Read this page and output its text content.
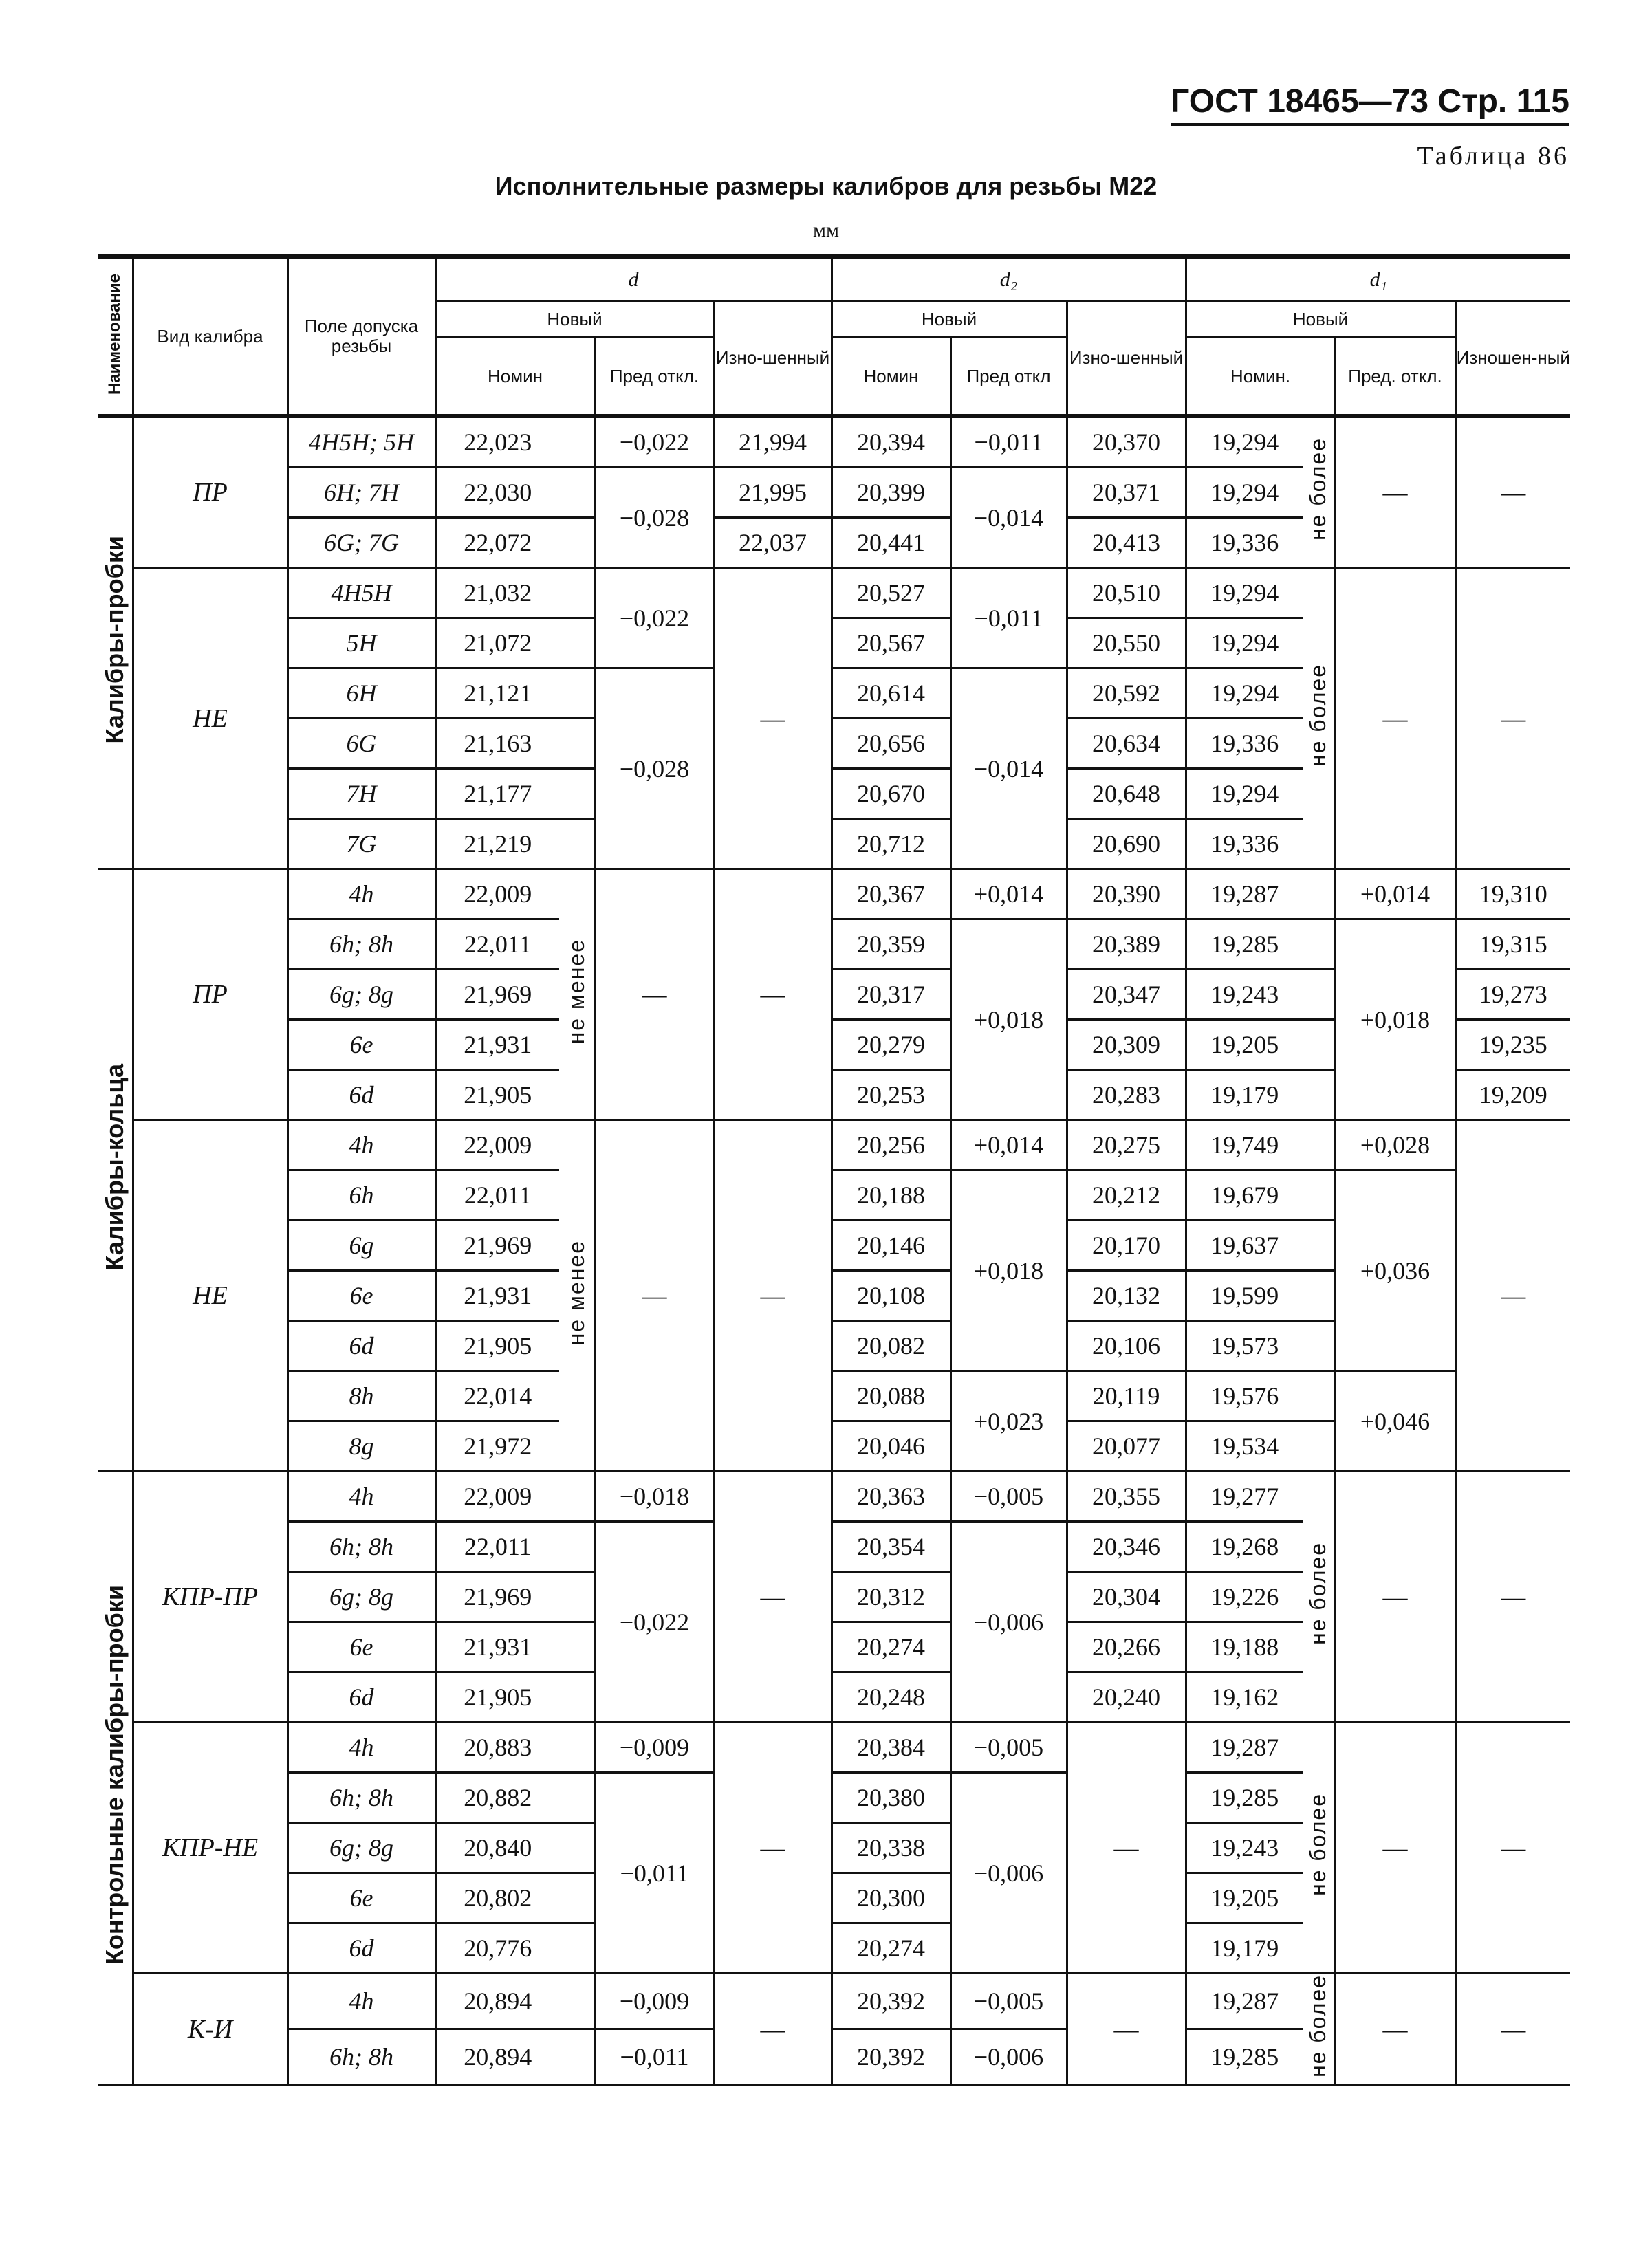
ГОСТ 18465—73 Стр. 115
Таблица 86
Исполнительные размеры калибров для резьбы М22
мм
Наименование	Вид калибра	Поле допуска резьбы	d				d₂			d₁			
			Новый			Изно-шенный	Новый		Изно-шенный	Новый			Изношен-ный
			Номин		Пред откл.		Номин	Пред откл		Номин.		Пред. откл.	
Калибры-пробки	ПР	4H5H; 5H	22,023		−0,022	21,994	20,394	−0,011	20,370	19,294	не более	—	—
		6H; 7H	22,030		−0,028	21,995	20,399	−0,014	20,371	19,294			
		6G; 7G	22,072			22,037	20,441		20,413	19,336			
	НЕ	4H5H	21,032		−0,022	—	20,527	−0,011	20,510	19,294	не более	—	—
		5H	21,072				20,567		20,550	19,294			
		6H	21,121		−0,028		20,614	−0,014	20,592	19,294			
		6G	21,163				20,656		20,634	19,336			
		7H	21,177				20,670		20,648	19,294			
		7G	21,219				20,712		20,690	19,336			
Калибры-кольца	ПР	4h	22,009	не менее	—	—	20,367	+0,014	20,390	19,287		+0,014	19,310
		6h; 8h	22,011				20,359	+0,018	20,389	19,285		+0,018	19,315
		6g; 8g	21,969				20,317		20,347	19,243			19,273
		6e	21,931				20,279		20,309	19,205			19,235
		6d	21,905				20,253		20,283	19,179			19,209
	НЕ	4h	22,009	не менее	—	—	20,256	+0,014	20,275	19,749		+0,028	—
		6h	22,011				20,188	+0,018	20,212	19,679		+0,036	
		6g	21,969				20,146		20,170	19,637			
		6e	21,931				20,108		20,132	19,599			
		6d	21,905				20,082		20,106	19,573			
		8h	22,014				20,088	+0,023	20,119	19,576		+0,046	
		8g	21,972				20,046		20,077	19,534			
Контрольные калибры-пробки	КПР-ПР	4h	22,009		−0,018	—	20,363	−0,005	20,355	19,277	не более	—	—
		6h; 8h	22,011		−0,022		20,354	−0,006	20,346	19,268			
		6g; 8g	21,969				20,312		20,304	19,226			
		6e	21,931				20,274		20,266	19,188			
		6d	21,905				20,248		20,240	19,162			
	КПР-НЕ	4h	20,883		−0,009	—	20,384	−0,005	—	19,287	не более	—	—
		6h; 8h	20,882		−0,011		20,380	−0,006		19,285			
		6g; 8g	20,840				20,338			19,243			
		6e	20,802				20,300			19,205			
		6d	20,776				20,274			19,179			
	К-И	4h	20,894		−0,009	—	20,392	−0,005	—	19,287	не более	—	—
		6h; 8h	20,894		−0,011		20,392	−0,006		19,285			
